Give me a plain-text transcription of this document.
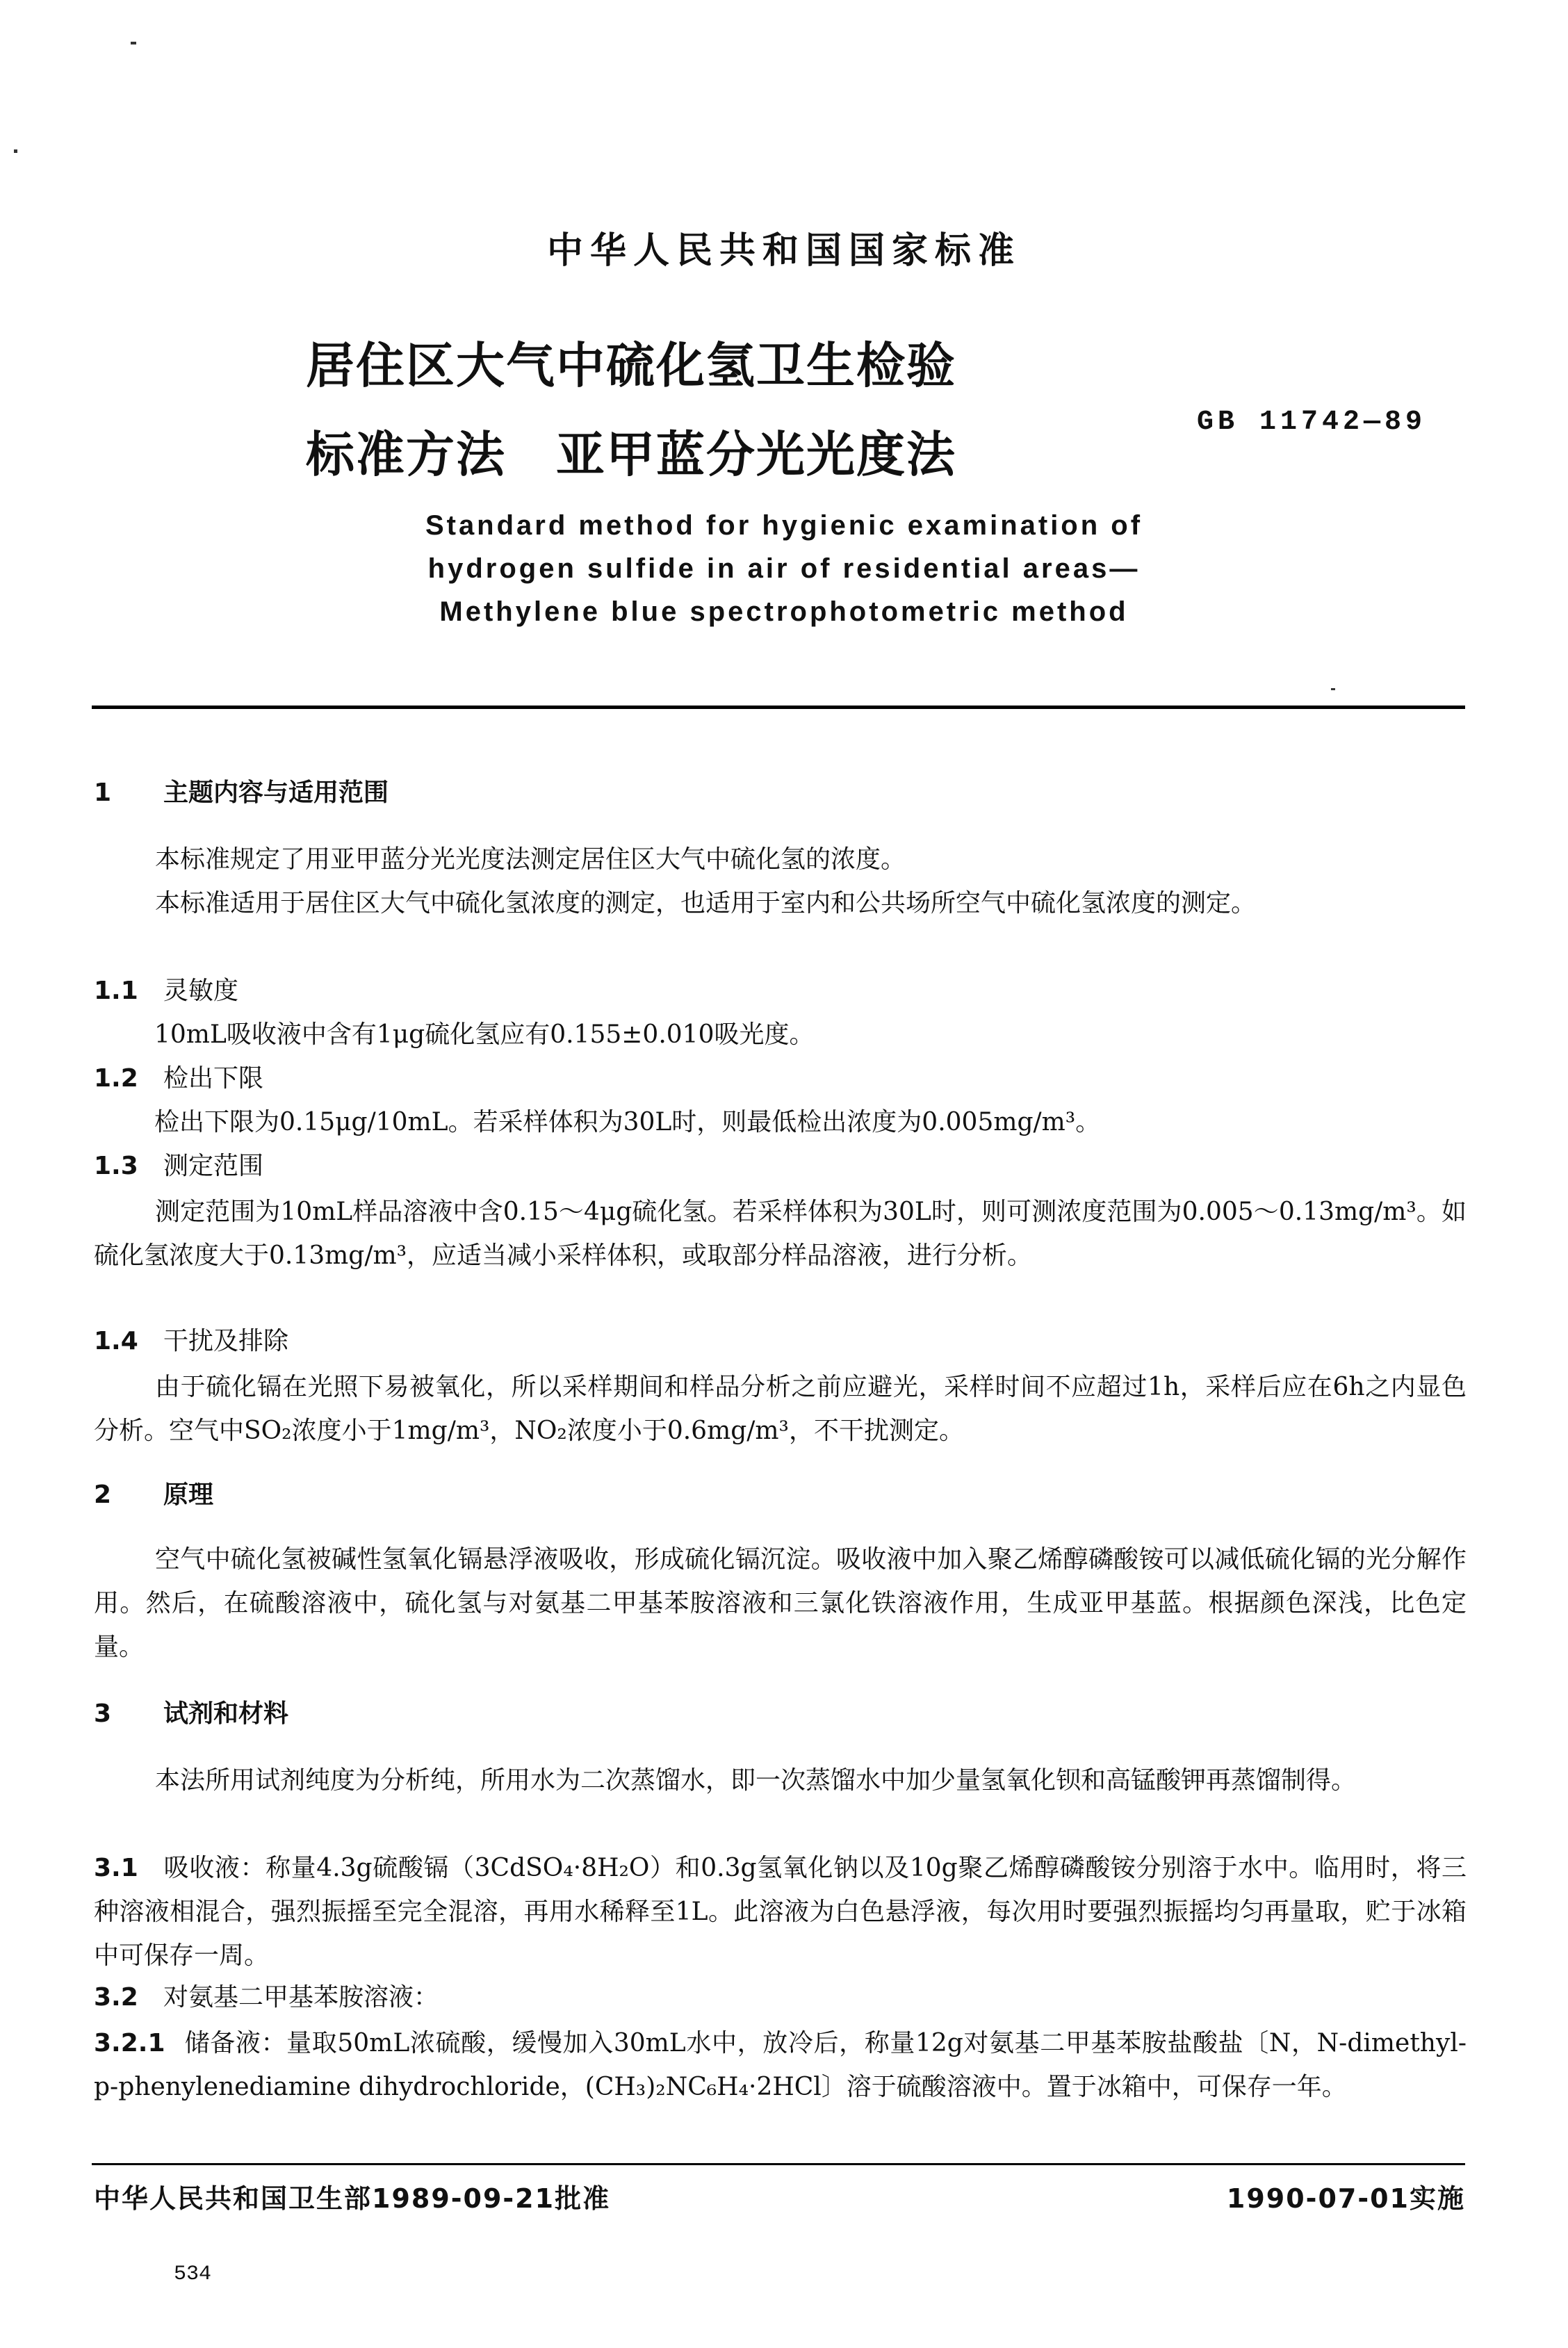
中华人民共和国国家标准
居住区大气中硫化氢卫生检验
标准方法　亚甲蓝分光光度法
GB 11742—89
Standard method for hygienic examination of
hydrogen sulfide in air of residential areas—
Methylene blue spectrophotometric method
1 主题内容与适用范围
本标准规定了用亚甲蓝分光光度法测定居住区大气中硫化氢的浓度。
本标准适用于居住区大气中硫化氢浓度的测定，也适用于室内和公共场所空气中硫化氢浓度的测定。
1.1 灵敏度
10mL吸收液中含有1μg硫化氢应有0.155±0.010吸光度。
1.2 检出下限
检出下限为0.15μg/10mL。若采样体积为30L时，则最低检出浓度为0.005mg/m³。
1.3 测定范围
测定范围为10mL样品溶液中含0.15～4μg硫化氢。若采样体积为30L时，则可测浓度范围为0.005～0.13mg/m³。如硫化氢浓度大于0.13mg/m³，应适当减小采样体积，或取部分样品溶液，进行分析。
1.4 干扰及排除
由于硫化镉在光照下易被氧化，所以采样期间和样品分析之前应避光，采样时间不应超过1h，采样后应在6h之内显色分析。空气中SO₂浓度小于1mg/m³，NO₂浓度小于0.6mg/m³，不干扰测定。
2 原理
空气中硫化氢被碱性氢氧化镉悬浮液吸收，形成硫化镉沉淀。吸收液中加入聚乙烯醇磷酸铵可以减低硫化镉的光分解作用。然后，在硫酸溶液中，硫化氢与对氨基二甲基苯胺溶液和三氯化铁溶液作用，生成亚甲基蓝。根据颜色深浅，比色定量。
3 试剂和材料
本法所用试剂纯度为分析纯，所用水为二次蒸馏水，即一次蒸馏水中加少量氢氧化钡和高锰酸钾再蒸馏制得。
3.1 吸收液：称量4.3g硫酸镉（3CdSO₄·8H₂O）和0.3g氢氧化钠以及10g聚乙烯醇磷酸铵分别溶于水中。临用时，将三种溶液相混合，强烈振摇至完全混溶，再用水稀释至1L。此溶液为白色悬浮液，每次用时要强烈振摇均匀再量取，贮于冰箱中可保存一周。
3.2 对氨基二甲基苯胺溶液：
3.2.1 储备液：量取50mL浓硫酸，缓慢加入30mL水中，放冷后，称量12g对氨基二甲基苯胺盐酸盐〔N，N-dimethyl-p-phenylenediamine dihydrochloride，(CH₃)₂NC₆H₄·2HCl〕溶于硫酸溶液中。置于冰箱中，可保存一年。
中华人民共和国卫生部1989-09-21批准	1990-07-01实施
534
